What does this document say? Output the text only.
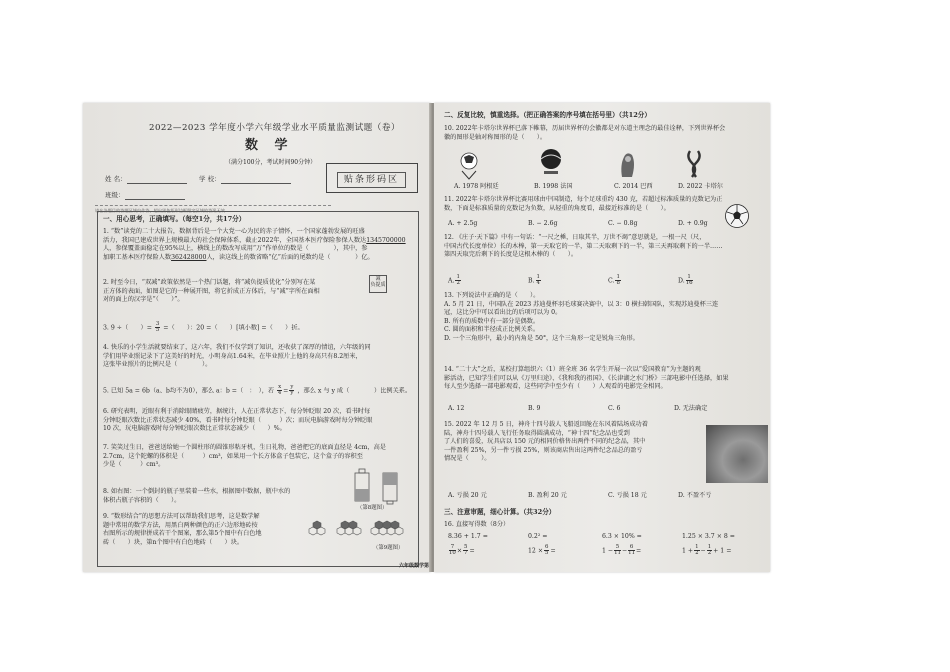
2022—2023 学年度小学六年级学业水平质量监测试题（卷）
数 学
（满分100分，考试时间90分钟）
姓 名：	学 校：
班级：
贴条形码区
请在各题目的答题区域内作答，超出黑色矩形边框限定区域的答案无效
一、用心思考，正确填写。（每空1分，共17分）
1. “数”读党的二十大报告，数据背后是一个大党一心为民的赤子情怀，一个国家蓬勃发展的旺盛
活力，我国已建成世界上规模最大的社会保障体系，截止2022年，全国基本医疗保险参保人数达1345700000
人，参保覆盖面稳定在95%以上，横线上的数改写成用“万”作单位的数是（　　　　），其中，参
加职工基本医疗保险人数362428000人，读这线上的数省略“亿”后面的尾数约是（　　　　）亿。
2. 时至今日，“双减”政策依然是一个热门话题，将“减负提质优化”分别写在某
正方体的表面，如图是它的一种展开图，将它折成正方体后，与“减”字所在面相
对的面上的汉字是“（　　）”。
减
负提质
3. 9 ÷（　　）= $\frac{3}{5}$ =（　　）：20 =（　　）[填小数] =（　　）折。
4. 快乐的小学生活就要结束了，这六年，我们不仅学到了知识，还收获了深厚的情谊，六年级的同
学们用毕业照记录下了这美好的时光，小明身高1.64米，在毕业照片上他的身高只有8.2厘米，
这张毕业照片的比例尺是（　　　　）。
5. 已知 5a = 6b（a、b均不为0），那么 a：b =（　：　），若 $\frac{x}{4} = \frac{y}{y}$ ，那么 x 与 y 成（　　　　）比例关系。
6. 研究表明，近眼有利于消除眼睛疲劳，据统计，人在正常状态下，每分钟眨眼 20 次，看书时每
分钟眨眼次数比正常状态减少 40%，看书时每分钟眨眼（　　　）次；而玩电脑游戏时每分钟眨眼
10 次，玩电脑游戏时每分钟眨眼次数比正常状态减少（　　）%。
7. 笑笑过生日，爸爸送给她一个圆柱形的圆锥形粘牙机，生日礼物，爸爸把它的底面直径是 4cm，高是
2.7cm，这个陀螺的体积是（　　　）cm³，如果用一个长方体盒子包装它，这个盒子的容积至
少是（　　　）cm³。
8. 如右图：一个倒封的瓶子里装着一些水，根据图中数据，瓶中水的
体积占瓶子容积的（　　）。
（第8题图）
9. “数形结合”的思想方法可以帮助我们思考，这是数学解
题中常用的数学方法，用黑白两种颜色的正六边形地砖按
右图所示的规律拼成若干个图案，那么第5个图中有白色地
砖（　　）块，第n个图中有白色地砖（　　）块。
（第9题图）
六年级数学第
二、反复比较，慎重选择。（把正确答案的序号填在括号里）（共12分）
10. 2022年卡塔尔世界杯已落下帷幕，历届世界杯的会徽都是对东道主理念的最佳诠释，下列世界杯会
徽的图形是轴对称图形的是（　　）。
A. 1978 阿根廷	B. 1998 法国	C. 2014 巴西	D. 2022 卡塔尔
11. 2022年卡塔尔世界杯比赛用球由中国制造，每个足球重约 430 克，若超过标准质量的克数记为正
数，下面是标准质量的克数记为负数，从轻重的角度看，最接近标准的是（　　）。
A. + 2.5g	B. − 2.6g	C. − 0.8g	D. + 0.9g
12. 《庄子·天下篇》中有一句话：“一尺之棰，日取其半，万世不竭”意思就是，一根一尺（尺，
中国古代长度单位）长的木棒，第一天取它的一半，第二天取剩下的一半，第三天再取剩下的一半……
第四天取完后剩下的长度是这根木棒的（　　）。
A. $\frac{1}{2}$	B. $\frac{1}{4}$	C. $\frac{1}{8}$	D. $\frac{1}{16}$
13. 下列说法中正确的是（　　）。
A. 5 月 21 日，中国队在 2023 苏迪曼杯羽毛球赛决赛中，以 3：0 横扫韩国队，实现苏迪曼杯三连
冠，这比分中可以看出比的后项可以为 0。
B. 所有的质数中有一部分是偶数。
C. 圆的面积和半径成正比例关系。
D. 一个三角形中，最小的内角是 50°，这个三角形一定是锐角三角形。
14. “二十大”之后，某校打算组织六（1）班全班 36 名学生开展一次以“爱国教育”为主题的观
影活动，已知学生们可以从《万里归途》、《我和我的祖国》、《长津湖之水门桥》三部电影中任选择，如果
每人至少选择一部电影观看，这些同学中至少有（　　）人观看的电影完全相同。
A. 12	B. 9	C. 6	D. 无法确定
15. 2022 年 12 月 5 日，神舟十四号载人飞船返回舱在东风着陆场成功着
陆，神舟十四号载人飞行任务取得圆满成功，“神十四”纪念品也受到
了人们的喜爱，玩具店以 150 元的相同价格售出两件不同的纪念品，其中
一件盈利 25%，另一件亏损 25%，则该商店售出这两件纪念品总的盈亏
情况是（　　）。
A. 亏损 20 元	B. 盈利 20 元	C. 亏损 18 元	D. 不盈不亏
三、注意审题，细心计算。（共32分）
16. 直接写得数（8分）
8.36 + 1.7 =	0.2² =	6.3 × 10% =	1.25 × 3.7 × 8 =
$\frac{7}{10} \times \frac{5}{7}$ =	$12 \times \frac{6}{5}$ =	$1 - \frac{5}{11} - \frac{6}{11}$ =	$1 + \frac{1}{2} - \frac{1}{2} + 1$ =
